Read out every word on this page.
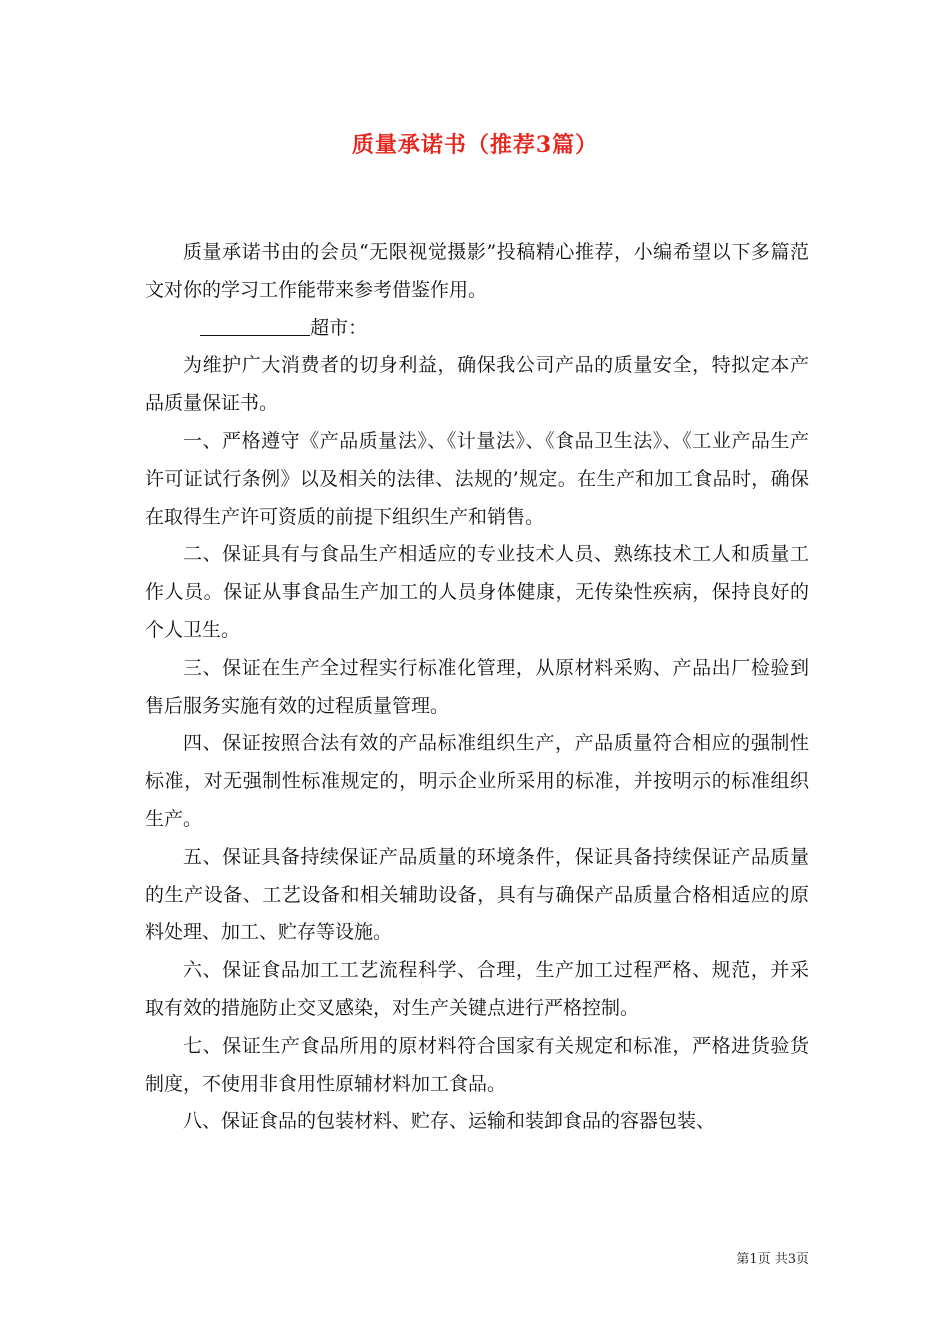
质量承诺书（推荐3篇）

质量承诺书由的会员“无限视觉摄影”投稿精心推荐，小编希望以下多篇范文对你的学习工作能带来参考借鉴作用。

超市：

为维护广大消费者的切身利益，确保我公司产品的质量安全，特拟定本产品质量保证书。

一、严格遵守《产品质量法》、《计量法》、《食品卫生法》、《工业产品生产许可证试行条例》以及相关的法律、法规的’规定。在生产和加工食品时，确保在取得生产许可资质的前提下组织生产和销售。

二、保证具有与食品生产相适应的专业技术人员、熟练技术工人和质量工作人员。保证从事食品生产加工的人员身体健康，无传染性疾病，保持良好的个人卫生。

三、保证在生产全过程实行标准化管理，从原材料采购、产品出厂检验到售后服务实施有效的过程质量管理。

四、保证按照合法有效的产品标准组织生产，产品质量符合相应的强制性标准，对无强制性标准规定的，明示企业所采用的标准，并按明示的标准组织生产。

五、保证具备持续保证产品质量的环境条件，保证具备持续保证产品质量的生产设备、工艺设备和相关辅助设备，具有与确保产品质量合格相适应的原料处理、加工、贮存等设施。

六、保证食品加工工艺流程科学、合理，生产加工过程严格、规范，并采取有效的措施防止交叉感染，对生产关键点进行严格控制。

七、保证生产食品所用的原材料符合国家有关规定和标准，严格进货验货制度，不使用非食用性原辅材料加工食品。

八、保证食品的包装材料、贮存、运输和装卸食品的容器包装、

第1页 共3页
